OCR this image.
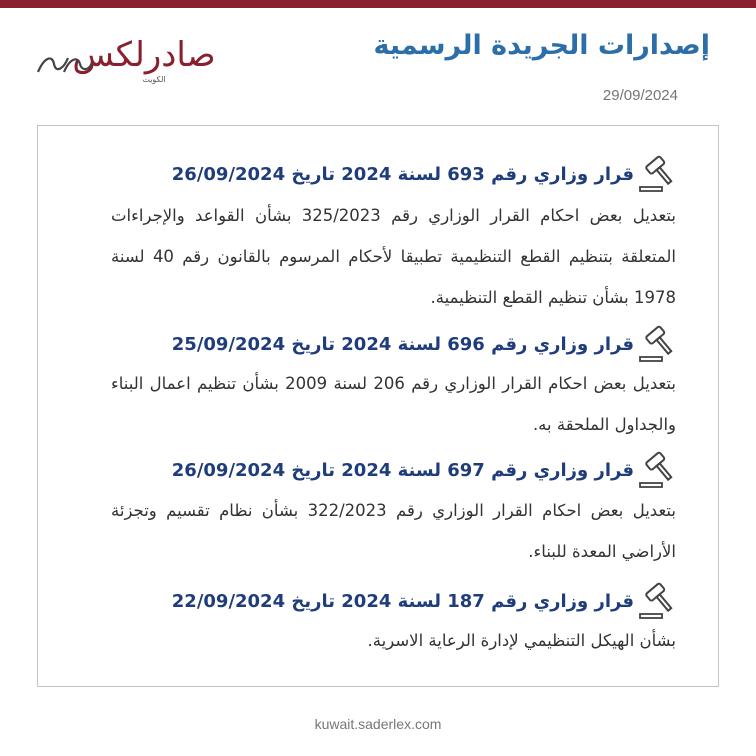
صادرلكس
الكويت
إصدارات الجريدة الرسمية
29/09/2024
قرار وزاري رقم 693 لسنة 2024 تاريخ 26/09/2024
بتعديل بعض احكام القرار الوزاري رقم 325/2023 بشأن القواعد والإجراءات المتعلقة بتنظيم القطع التنظيمية تطبيقا لأحكام المرسوم بالقانون رقم 40 لسنة 1978 بشأن تنظيم القطع التنظيمية.
قرار وزاري رقم 696 لسنة 2024 تاريخ 25/09/2024
بتعديل بعض احكام القرار الوزاري رقم 206 لسنة 2009 بشأن تنظيم اعمال البناء والجداول الملحقة به.
قرار وزاري رقم 697 لسنة 2024 تاريخ 26/09/2024
بتعديل بعض احكام القرار الوزاري رقم 322/2023 بشأن نظام تقسيم وتجزئة الأراضي المعدة للبناء.
قرار وزاري رقم 187 لسنة 2024 تاريخ 22/09/2024
بشأن الهيكل التنظيمي لإدارة الرعاية الاسرية.
kuwait.saderlex.com
